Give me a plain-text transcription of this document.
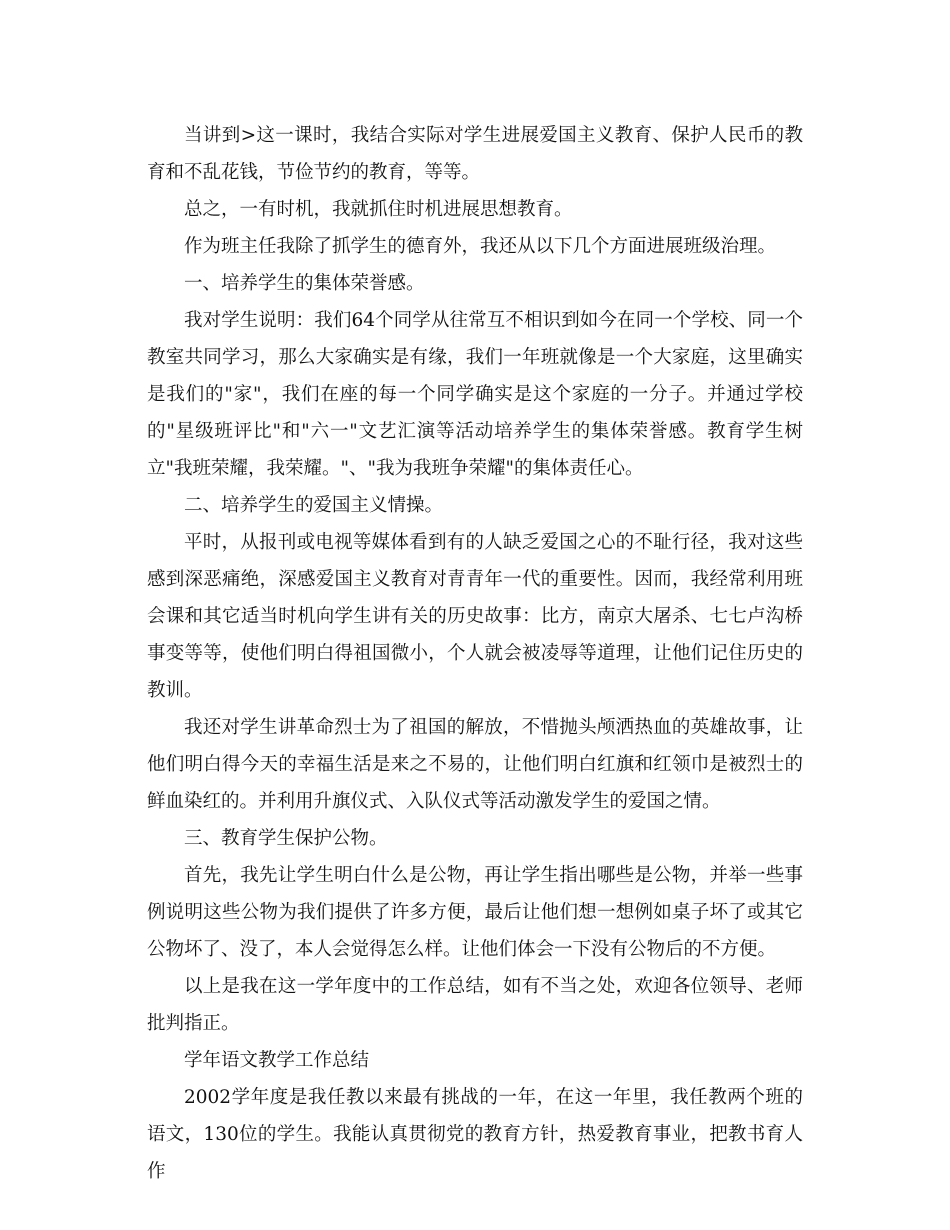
当讲到>这一课时，我结合实际对学生进展爱国主义教育、保护人民币的教育和不乱花钱，节俭节约的教育，等等。

总之，一有时机，我就抓住时机进展思想教育。

作为班主任我除了抓学生的德育外，我还从以下几个方面进展班级治理。

一、培养学生的集体荣誉感。

我对学生说明：我们64个同学从往常互不相识到如今在同一个学校、同一个教室共同学习，那么大家确实是有缘，我们一年班就像是一个大家庭，这里确实是我们的"家"，我们在座的每一个同学确实是这个家庭的一分子。并通过学校的"星级班评比"和"六一"文艺汇演等活动培养学生的集体荣誉感。教育学生树立"我班荣耀，我荣耀。"、"我为我班争荣耀"的集体责任心。

二、培养学生的爱国主义情操。

平时，从报刊或电视等媒体看到有的人缺乏爱国之心的不耻行径，我对这些感到深恶痛绝，深感爱国主义教育对青青年一代的重要性。因而，我经常利用班会课和其它适当时机向学生讲有关的历史故事：比方，南京大屠杀、七七卢沟桥事变等等，使他们明白得祖国微小，个人就会被凌辱等道理，让他们记住历史的教训。

我还对学生讲革命烈士为了祖国的解放，不惜抛头颅洒热血的英雄故事，让他们明白得今天的幸福生活是来之不易的，让他们明白红旗和红领巾是被烈士的鲜血染红的。并利用升旗仪式、入队仪式等活动激发学生的爱国之情。

三、教育学生保护公物。

首先，我先让学生明白什么是公物，再让学生指出哪些是公物，并举一些事例说明这些公物为我们提供了许多方便，最后让他们想一想例如桌子坏了或其它公物坏了、没了，本人会觉得怎么样。让他们体会一下没有公物后的不方便。

以上是我在这一学年度中的工作总结，如有不当之处，欢迎各位领导、老师批判指正。

学年语文教学工作总结

2002学年度是我任教以来最有挑战的一年，在这一年里，我任教两个班的语文，130位的学生。我能认真贯彻党的教育方针，热爱教育事业，把教书育人作
